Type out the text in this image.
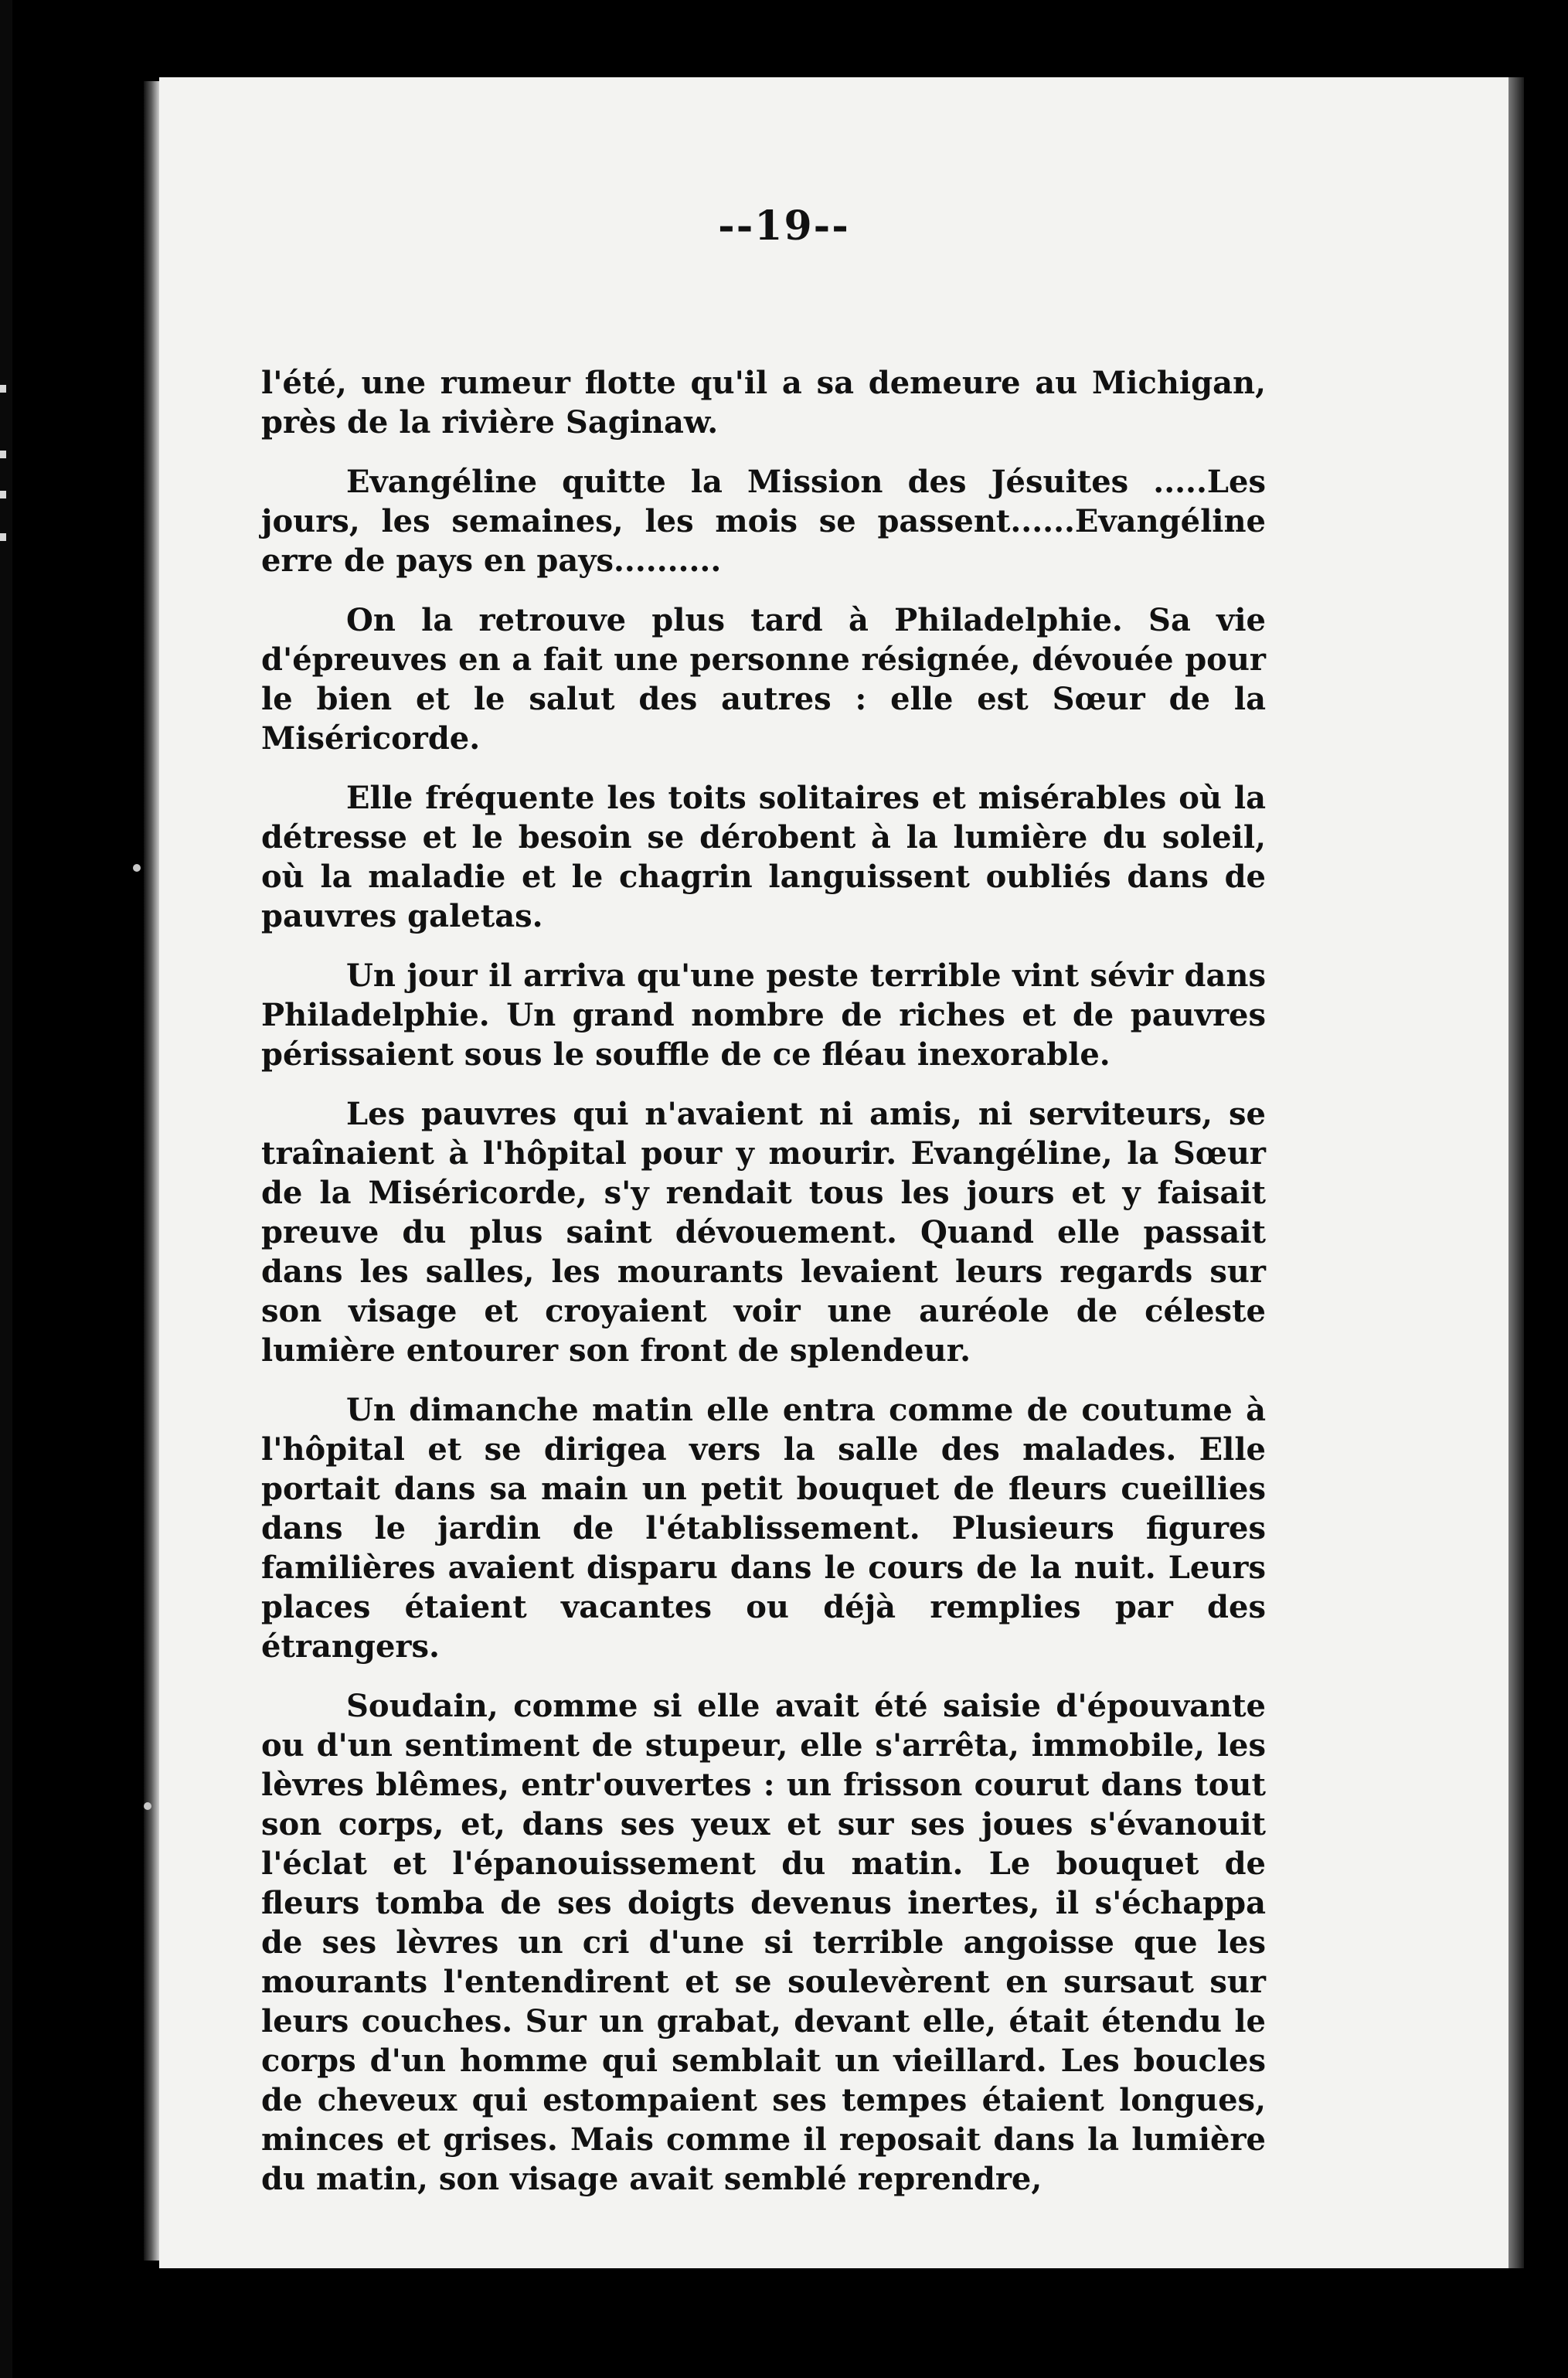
--19--

l'été, une rumeur flotte qu'il a sa demeure au Michigan, près de la rivière Saginaw.

Evangéline quitte la Mission des Jésuites .....Les jours, les semaines, les mois se passent......Evangéline erre de pays en pays..........

On la retrouve plus tard à Philadelphie. Sa vie d'épreuves en a fait une personne résignée, dévouée pour le bien et le salut des autres : elle est Sœur de la Miséricorde.

Elle fréquente les toits solitaires et misérables où la détresse et le besoin se dérobent à la lumière du soleil, où la maladie et le chagrin languissent oubliés dans de pauvres galetas.

Un jour il arriva qu'une peste terrible vint sévir dans Philadelphie. Un grand nombre de riches et de pauvres périssaient sous le souffle de ce fléau inexorable.

Les pauvres qui n'avaient ni amis, ni serviteurs, se traînaient à l'hôpital pour y mourir. Evangéline, la Sœur de la Miséricorde, s'y rendait tous les jours et y faisait preuve du plus saint dévouement. Quand elle passait dans les salles, les mourants levaient leurs regards sur son visage et croyaient voir une auréole de céleste lumière entourer son front de splendeur.

Un dimanche matin elle entra comme de coutume à l'hôpital et se dirigea vers la salle des malades. Elle portait dans sa main un petit bouquet de fleurs cueillies dans le jardin de l'établissement. Plusieurs figures familières avaient disparu dans le cours de la nuit. Leurs places étaient vacantes ou déjà remplies par des étrangers.

Soudain, comme si elle avait été saisie d'épouvante ou d'un sentiment de stupeur, elle s'arrêta, immobile, les lèvres blêmes, entr'ouvertes : un frisson courut dans tout son corps, et, dans ses yeux et sur ses joues s'évanouit l'éclat et l'épanouissement du matin. Le bouquet de fleurs tomba de ses doigts devenus inertes, il s'échappa de ses lèvres un cri d'une si terrible angoisse que les mourants l'entendirent et se soulevèrent en sursaut sur leurs couches. Sur un grabat, devant elle, était étendu le corps d'un homme qui semblait un vieillard. Les boucles de cheveux qui estompaient ses tempes étaient longues, minces et grises. Mais comme il reposait dans la lumière du matin, son visage avait semblé reprendre,
